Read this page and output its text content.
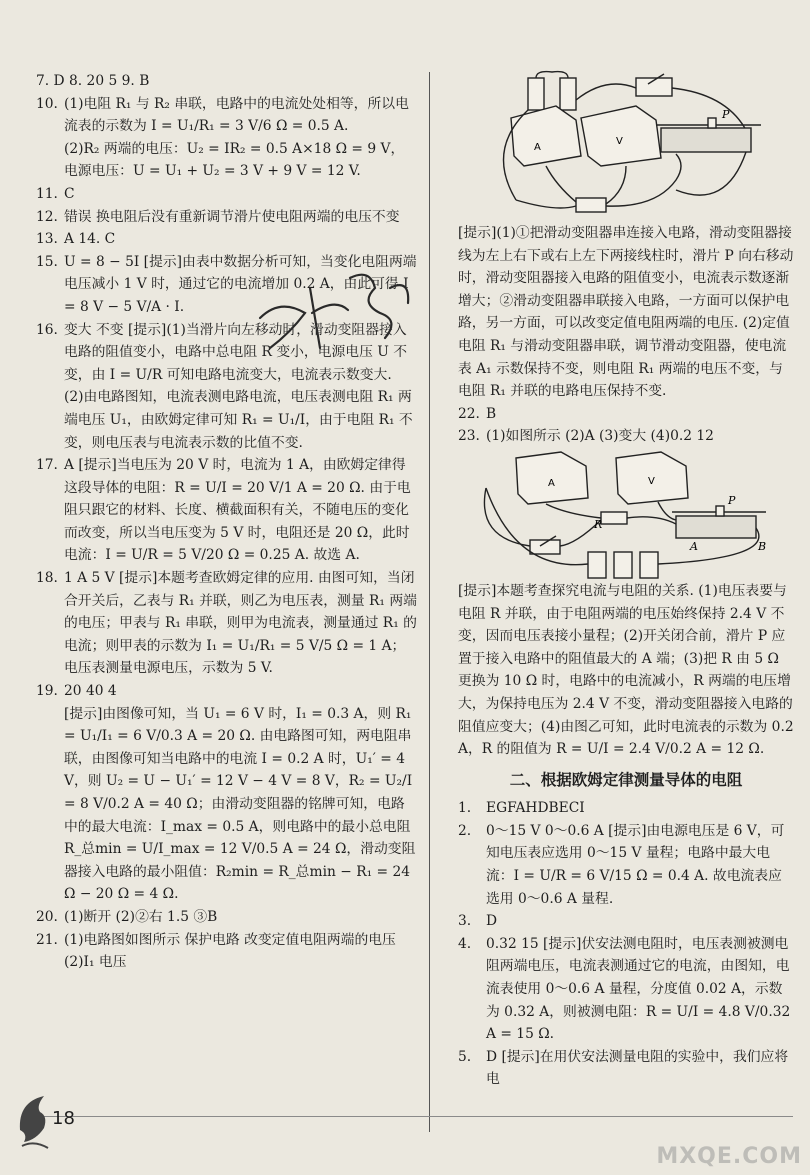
7. D 8. 20 5 9. B
10. (1)电阻 R₁ 与 R₂ 串联，电路中的电流处处相等，所以电流表的示数为 I = U₁/R₁ = 3 V/6 Ω = 0.5 A.
(2)R₂ 两端的电压：U₂ = IR₂ = 0.5 A×18 Ω = 9 V，电源电压：U = U₁ + U₂ = 3 V + 9 V = 12 V.
11. C
12. 错误 换电阻后没有重新调节滑片使电阻两端的电压不变
13. A 14. C
15. U = 8 − 5I [提示]由表中数据分析可知，当变化电阻两端电压减小 1 V 时，通过它的电流增加 0.2 A，由此可得 I = 8 V − 5 V/A · I.
16. 变大 不变 [提示](1)当滑片向左移动时，滑动变阻器接入电路的阻值变小，电路中总电阻 R 变小，电源电压 U 不变，由 I = U/R 可知电路电流变大，电流表示数变大.
(2)由电路图知，电流表测电路电流，电压表测电阻 R₁ 两端电压 U₁，由欧姆定律可知 R₁ = U₁/I，由于电阻 R₁ 不变，则电压表与电流表示数的比值不变.
17. A [提示]当电压为 20 V 时，电流为 1 A，由欧姆定律得这段导体的电阻：R = U/I = 20 V/1 A = 20 Ω. 由于电阻只跟它的材料、长度、横截面积有关，不随电压的变化而改变，所以当电压变为 5 V 时，电阻还是 20 Ω，此时电流：I = U/R = 5 V/20 Ω = 0.25 A. 故选 A.
18. 1 A 5 V [提示]本题考查欧姆定律的应用. 由图可知，当闭合开关后，乙表与 R₁ 并联，则乙为电压表，测量 R₁ 两端的电压；甲表与 R₁ 串联，则甲为电流表，测量通过 R₁ 的电流；则甲表的示数为 I₁ = U₁/R₁ = 5 V/5 Ω = 1 A；电压表测量电源电压，示数为 5 V.
19. 20 40 4
[提示]由图像可知，当 U₁ = 6 V 时，I₁ = 0.3 A，则 R₁ = U₁/I₁ = 6 V/0.3 A = 20 Ω. 由电路图可知，两电阻串联，由图像可知当电路中的电流 I = 0.2 A 时，U₁′ = 4 V，则 U₂ = U − U₁′ = 12 V − 4 V = 8 V，R₂ = U₂/I = 8 V/0.2 A = 40 Ω；由滑动变阻器的铭牌可知，电路中的最大电流：I_max = 0.5 A，则电路中的最小总电阻 R_总min = U/I_max = 12 V/0.5 A = 24 Ω，滑动变阻器接入电路的最小阻值：R₂min = R_总min − R₁ = 24 Ω − 20 Ω = 4 Ω.
20. (1)断开 (2)②右 1.5 ③B
21. (1)电路图如图所示 保护电路 改变定值电阻两端的电压 (2)I₁ 电压
A
V
P
[提示](1)①把滑动变阻器串连接入电路，滑动变阻器接线为左上右下或右上左下两接线柱时，滑片 P 向右移动时，滑动变阻器接入电路的阻值变小，电流表示数逐渐增大；②滑动变阻器串联接入电路，一方面可以保护电路，另一方面，可以改变定值电阻两端的电压. (2)定值电阻 R₁ 与滑动变阻器串联，调节滑动变阻器，使电流表 A₁ 示数保持不变，则电阻 R₁ 两端的电压不变，与电阻 R₁ 并联的电路电压保持不变.
22. B
23. (1)如图所示 (2)A (3)变大 (4)0.2 12
A	V
R
P
A	B
[提示]本题考查探究电流与电阻的关系. (1)电压表要与电阻 R 并联，由于电阻两端的电压始终保持 2.4 V 不变，因而电压表接小量程；(2)开关闭合前，滑片 P 应置于接入电路中的阻值最大的 A 端；(3)把 R 由 5 Ω 更换为 10 Ω 时，电路中的电流减小，R 两端的电压增大，为保持电压为 2.4 V 不变，滑动变阻器接入电路的阻值应变大；(4)由图乙可知，此时电流表的示数为 0.2 A，R 的阻值为 R = U/I = 2.4 V/0.2 A = 12 Ω.
二、根据欧姆定律测量导体的电阻
1.	EGFAHDBECI
2.	0～15 V 0～0.6 A [提示]由电源电压是 6 V，可知电压表应选用 0～15 V 量程；电路中最大电流：I = U/R = 6 V/15 Ω = 0.4 A. 故电流表应选用 0～0.6 A 量程.
3.	D
4.	0.32 15 [提示]伏安法测电阻时，电压表测被测电阻两端电压，电流表测通过它的电流，由图知，电流表使用 0～0.6 A 量程，分度值 0.02 A，示数为 0.32 A，则被测电阻：R = U/I = 4.8 V/0.32 A = 15 Ω.
5.	D [提示]在用伏安法测量电阻的实验中，我们应将电
18
MXQE.COM
